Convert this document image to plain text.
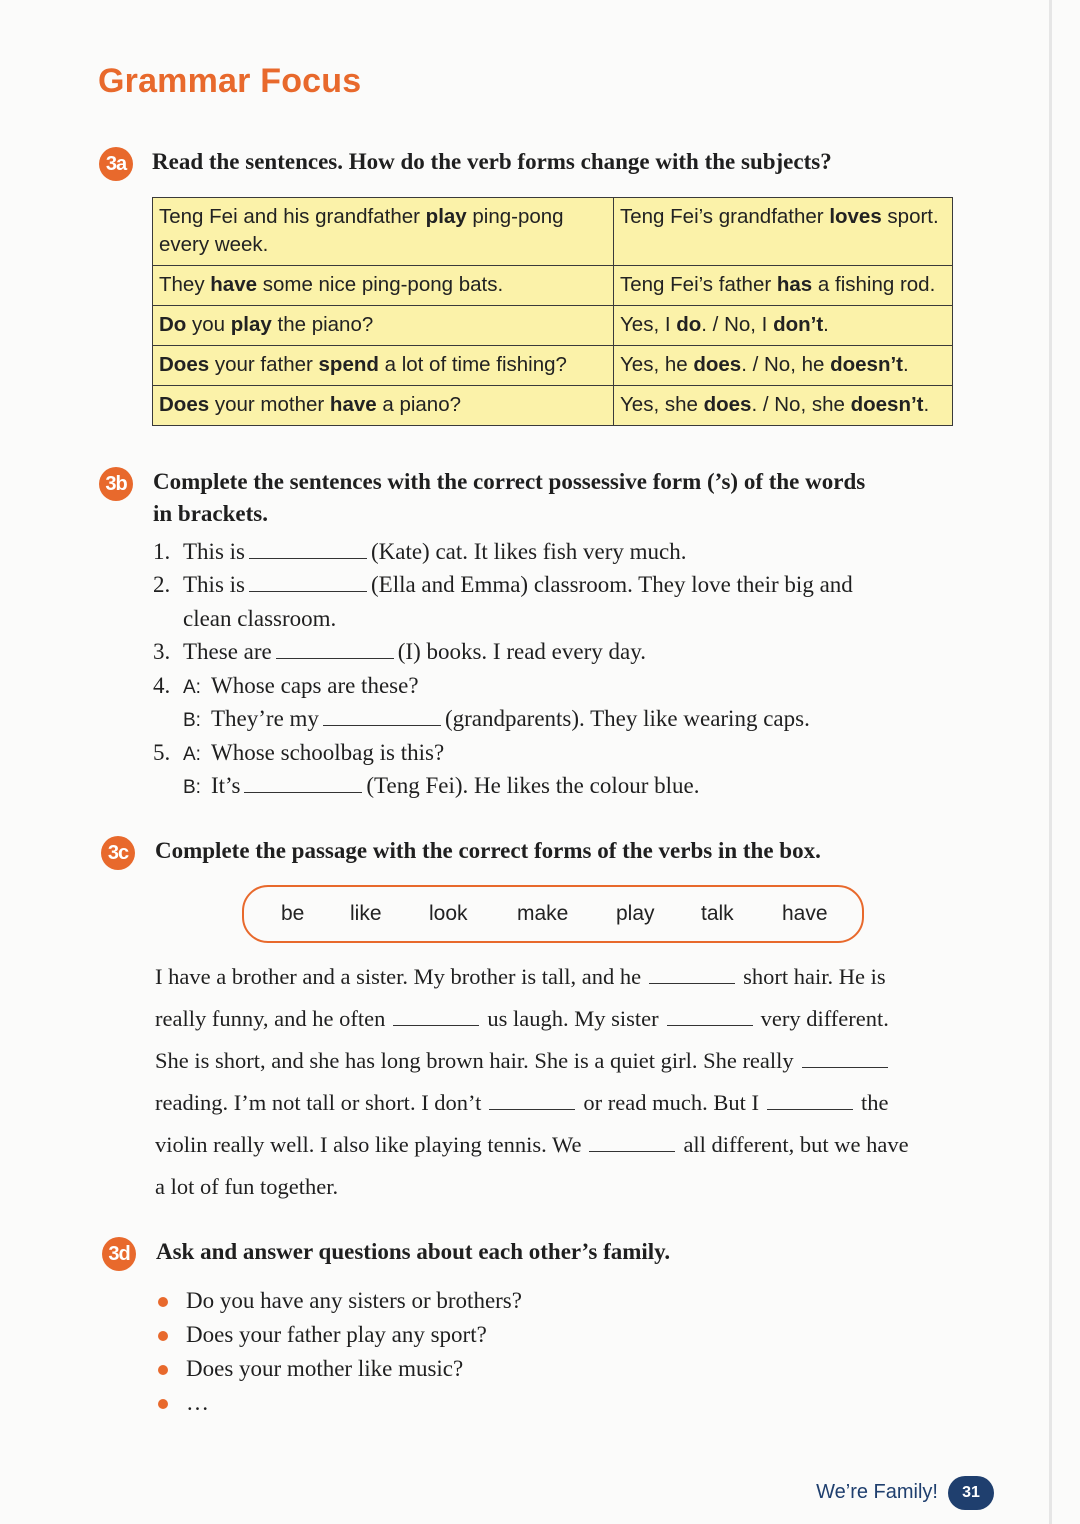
Grammar Focus
3a Read the sentences. How do the verb forms change with the subjects?

Teng Fei and his grandfather play ping-pong every week.	Teng Fei’s grandfather loves sport.
They have some nice ping-pong bats.	Teng Fei’s father has a fishing rod.
Do you play the piano?	Yes, I do. / No, I don’t.
Does your father spend a lot of time fishing?	Yes, he does. / No, he doesn’t.
Does your mother have a piano?	Yes, she does. / No, she doesn’t.
3b Complete the sentences with the correct possessive form (’s) of the words

in brackets.

1. This is	(Kate) cat. It likes fish very much.
2. This is	(Ella and Emma) classroom. They love their big and
clean classroom.
3. These are	(I) books. I read every day.
4. A: Whose caps are these?
B: They’re my	(grandparents). They like wearing caps.
5. A: Whose schoolbag is this?
B: It’s	(Teng Fei). He likes the colour blue.
3c Complete the passage with the correct forms of the verbs in the box.

be like look make play talk have
I have a brother and a sister. My brother is tall, and he	short hair. He is
really funny, and he often	us laugh. My sister	very different.
She is short, and she has long brown hair. She is a quiet girl. She really
reading. I’m not tall or short. I don’t	or read much. But I	the
violin really well. I also like playing tennis. We	all different, but we have
a lot of fun together.
3d Ask and answer questions about each other’s family.

Do you have any sisters or brothers?
Does your father play any sport?
Does your mother like music?
…
We’re Family!	31
